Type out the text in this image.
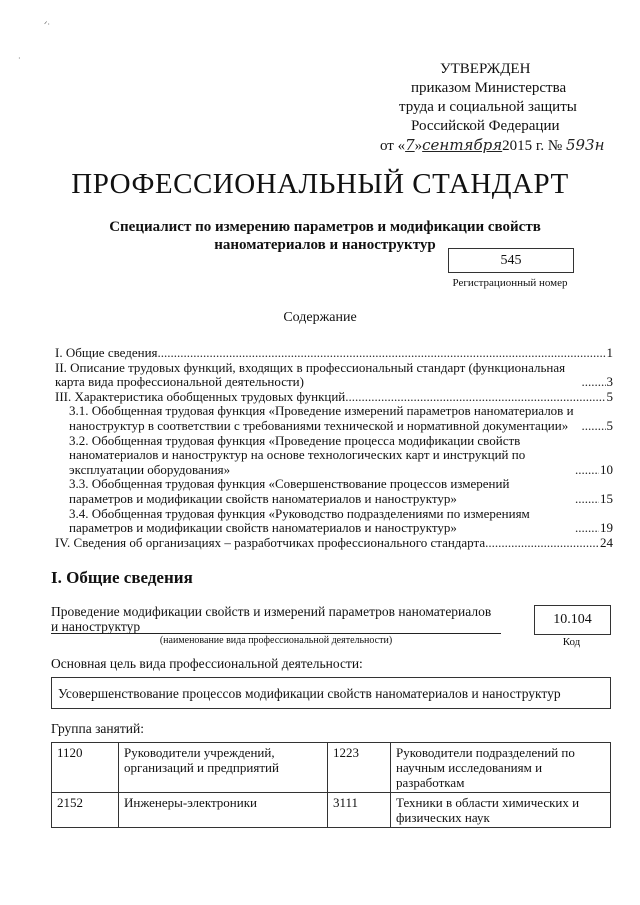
ᐟ·
·
УТВЕРЖДЕН
приказом Министерства
труда и социальной защиты
Российской Федерации
от «7»сентября2015 г. № 593н
ПРОФЕССИОНАЛЬНЫЙ СТАНДАРТ
Специалист по измерению параметров и модификации свойств наноматериалов и наноструктур
545
Регистрационный номер
Содержание
I. Общие сведения .....	1
II. Описание трудовых функций, входящих в профессиональный стандарт (функциональная карта вида профессиональной деятельности) .....	3
III. Характеристика обобщенных трудовых функций .....	5
3.1. Обобщенная трудовая функция «Проведение измерений параметров наноматериалов и наноструктур в соответствии с требованиями технической и нормативной документации» .....	5
3.2. Обобщенная трудовая функция «Проведение процесса модификации свойств наноматериалов и наноструктур на основе технологических карт и инструкций по эксплуатации оборудования» .....	10
3.3. Обобщенная трудовая функция «Совершенствование процессов измерений параметров и модификации свойств наноматериалов и наноструктур» .....	15
3.4. Обобщенная трудовая функция «Руководство подразделениями по измерениям параметров и модификации свойств наноматериалов и наноструктур» .....	19
IV. Сведения об организациях – разработчиках профессионального стандарта .....	24
I. Общие сведения
Проведение модификации свойств и измерений параметров наноматериалов и наноструктур
(наименование вида профессиональной деятельности)
10.104
Код
Основная цель вида профессиональной деятельности:
Усовершенствование процессов модификации свойств наноматериалов и наноструктур
Группа занятий:
1120	Руководители учреждений, организаций и предприятий	1223	Руководители подразделений по научным исследованиям и разработкам
2152	Инженеры-электроники	3111	Техники в области химических и физических наук
